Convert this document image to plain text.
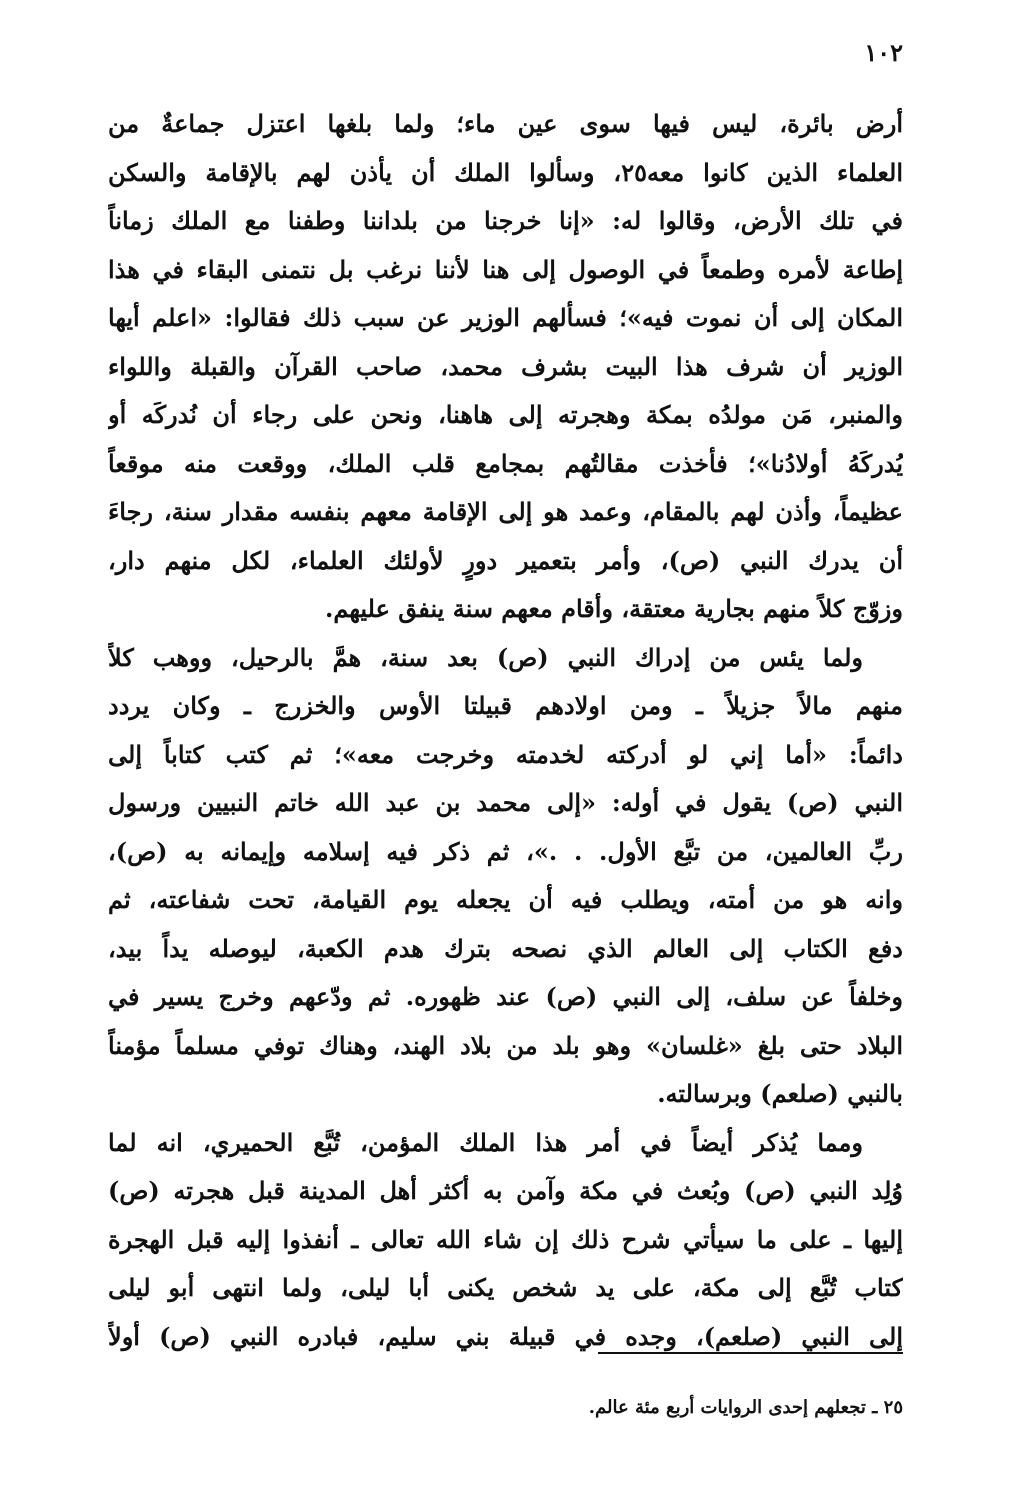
١٠٢
أرض بائرة، ليس فيها سوى عين ماء؛ ولما بلغها اعتزل جماعةٌ من
العلماء الذين كانوا معه٢٥، وسألوا الملك أن يأذن لهم بالإقامة والسكن
في تلك الأرض، وقالوا له: «إنا خرجنا من بلداننا وطفنا مع الملك زماناً
إطاعة لأمره وطمعاً في الوصول إلى هنا لأننا نرغب بل نتمنى البقاء في هذا
المكان إلى أن نموت فيه»؛ فسألهم الوزير عن سبب ذلك فقالوا: «اعلم أيها
الوزير أن شرف هذا البيت بشرف محمد، صاحب القرآن والقبلة واللواء
والمنبر، مَن مولدُه بمكة وهجرته إلى هاهنا، ونحن على رجاء أن نُدركَه أو
يُدركَهُ أولادُنا»؛ فأخذت مقالتُهم بمجامع قلب الملك، ووقعت منه موقعاً
عظيماً، وأذن لهم بالمقام، وعمد هو إلى الإقامة معهم بنفسه مقدار سنة، رجاءَ
أن يدرك النبي (ص)، وأمر بتعمير دورٍ لأولئك العلماء، لكل منهم دار،
وزوّج كلاً منهم بجارية معتقة، وأقام معهم سنة ينفق عليهم.
ولما يئس من إدراك النبي (ص) بعد سنة، همَّ بالرحيل، ووهب كلاً
منهم مالاً جزيلاً ـ ومن اولادهم قبيلتا الأوس والخزرج ـ وكان يردد
دائماً: «أما إني لو أدركته لخدمته وخرجت معه»؛ ثم كتب كتاباً إلى
النبي (ص) يقول في أوله: «إلى محمد بن عبد الله خاتم النبيين ورسول
ربِّ العالمين، من تبَّع الأول. . .»، ثم ذكر فيه إسلامه وإيمانه به (ص)،
وانه هو من أمته، ويطلب فيه أن يجعله يوم القيامة، تحت شفاعته، ثم
دفع الكتاب إلى العالم الذي نصحه بترك هدم الكعبة، ليوصله يداً بيد،
وخلفاً عن سلف، إلى النبي (ص) عند ظهوره. ثم ودّعهم وخرج يسير في
البلاد حتى بلغ «غلسان» وهو بلد من بلاد الهند، وهناك توفي مسلماً مؤمناً
بالنبي (صلعم) وبرسالته.
ومما يُذكر أيضاً في أمر هذا الملك المؤمن، تُبَّع الحميري، انه لما
وُلِد النبي (ص) وبُعث في مكة وآمن به أكثر أهل المدينة قبل هجرته (ص)
إليها ـ على ما سيأتي شرح ذلك إن شاء الله تعالى ـ أنفذوا إليه قبل الهجرة
كتاب تُبَّع إلى مكة، على يد شخص يكنى أبا ليلى، ولما انتهى أبو ليلى
إلى النبي (صلعم)، وجده في قبيلة بني سليم، فبادره النبي (ص) أولاً
٢٥ ـ تجعلهم إحدى الروايات أربع مئة عالم.
